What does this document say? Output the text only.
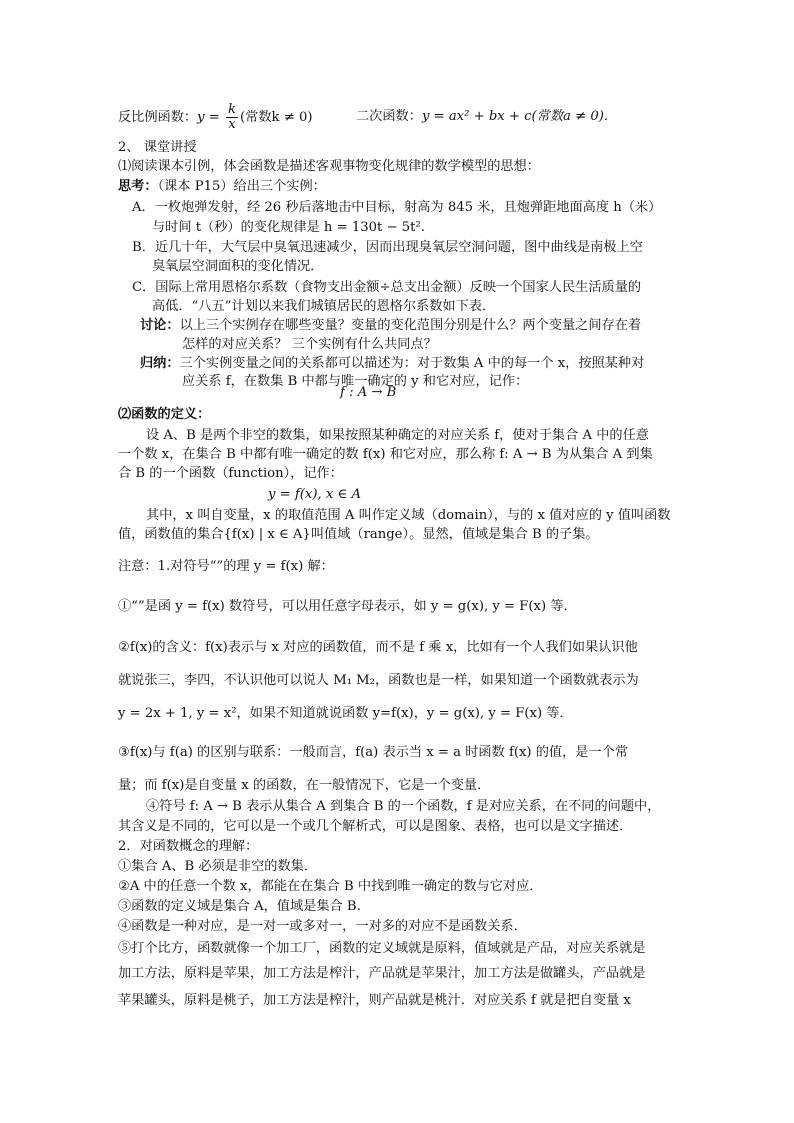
反比例函数：$y = \frac{k}{x}$ (常数k ≠ 0)	二次函数：y = ax² + bx + c(常数a ≠ 0).
2、 课堂讲授
⑴阅读课本引例，体会函数是描述客观事物变化规律的数学模型的思想：
思考：（课本 P15）给出三个实例：
A．一枚炮弹发射，经 26 秒后落地击中目标，射高为 845 米，且炮弹距地面高度 h（米）
与时间 t（秒）的变化规律是 h = 130t − 5t².
B．近几十年，大气层中臭氧迅速减少，因而出现臭氧层空洞问题，图中曲线是南极上空
臭氧层空洞面积的变化情况．
C．国际上常用恩格尔系数（食物支出金额÷总支出金额）反映一个国家人民生活质量的
高低．“八五”计划以来我们城镇居民的恩格尔系数如下表．
讨论：以上三个实例存在哪些变量？变量的变化范围分别是什么？两个变量之间存在着
怎样的对应关系？ 三个实例有什么共同点？
归纳：三个实例变量之间的关系都可以描述为：对于数集 A 中的每一个 x，按照某种对
应关系 f，在数集 B 中都与唯一确定的 y 和它对应，记作：
f : A → B
⑵函数的定义：
设 A、B 是两个非空的数集，如果按照某种确定的对应关系 f，使对于集合 A 中的任意
一个数 x，在集合 B 中都有唯一确定的数 f(x) 和它对应，那么称 f: A → B 为从集合 A 到集
合 B 的一个函数（function），记作：
y = f(x), x ∈ A
其中，x 叫自变量，x 的取值范围 A 叫作定义域（domain），与的 x 值对应的 y 值叫函数
值，函数值的集合{f(x) | x ∈ A}叫值域（range）。显然，值域是集合 B 的子集。
注意：1.对符号“”的理 y = f(x) 解：
①“”是函 y = f(x) 数符号，可以用任意字母表示，如 y = g(x), y = F(x) 等．
②f(x)的含义：f(x)表示与 x 对应的函数值，而不是 f 乘 x，比如有一个人我们如果认识他
就说张三，李四，不认识他可以说人 M₁ M₂，函数也是一样，如果知道一个函数就表示为
y = 2x + 1, y = x²，如果不知道就说函数 y=f(x)，y = g(x), y = F(x) 等．
③f(x)与 f(a) 的区别与联系：一般而言，f(a) 表示当 x = a 时函数 f(x) 的值，是一个常
量；而 f(x)是自变量 x 的函数，在一般情况下，它是一个变量．
④符号 f: A → B 表示从集合 A 到集合 B 的一个函数，f 是对应关系，在不同的问题中，
其含义是不同的，它可以是一个或几个解析式，可以是图象、表格，也可以是文字描述．
2．对函数概念的理解：
①集合 A、B 必须是非空的数集．
②A 中的任意一个数 x，都能在在集合 B 中找到唯一确定的数与它对应．
③函数的定义域是集合 A，值域是集合 B.
④函数是一种对应，是一对一或多对一，一对多的对应不是函数关系．
⑤打个比方，函数就像一个加工厂，函数的定义域就是原料，值域就是产品，对应关系就是
加工方法，原料是苹果，加工方法是榨汁，产品就是苹果汁，加工方法是做罐头，产品就是
苹果罐头，原料是桃子，加工方法是榨汁，则产品就是桃汁．对应关系 f 就是把自变量 x
